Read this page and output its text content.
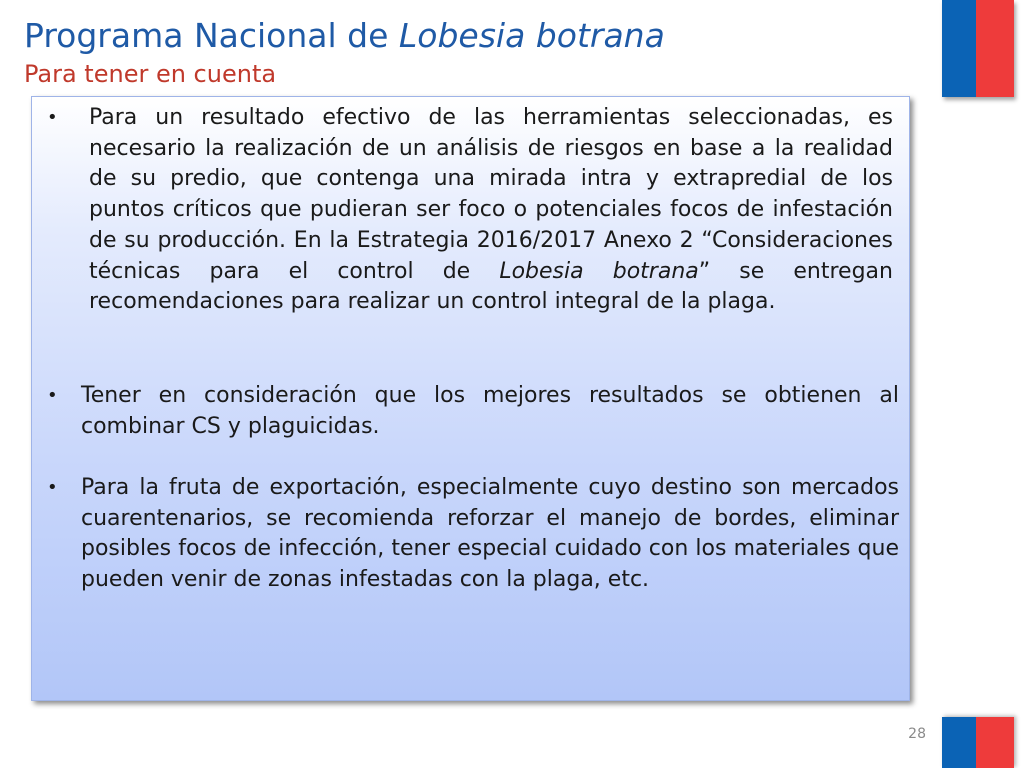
Programa Nacional de Lobesia botrana
Para tener en cuenta

• Para un resultado efectivo de las herramientas seleccionadas, es necesario la realización de un análisis de riesgos en base a la realidad de su predio, que contenga una mirada intra y extrapredial de los puntos críticos que pudieran ser foco o potenciales focos de infestación de su producción. En la Estrategia 2016/2017 Anexo 2 “Consideraciones técnicas para el control de Lobesia botrana” se entregan recomendaciones para realizar un control integral de la plaga.

• Tener en consideración que los mejores resultados se obtienen al combinar CS y plaguicidas.

• Para la fruta de exportación, especialmente cuyo destino son mercados cuarentenarios, se recomienda reforzar el manejo de bordes, eliminar posibles focos de infección, tener especial cuidado con los materiales que pueden venir de zonas infestadas con la plaga, etc.

28
